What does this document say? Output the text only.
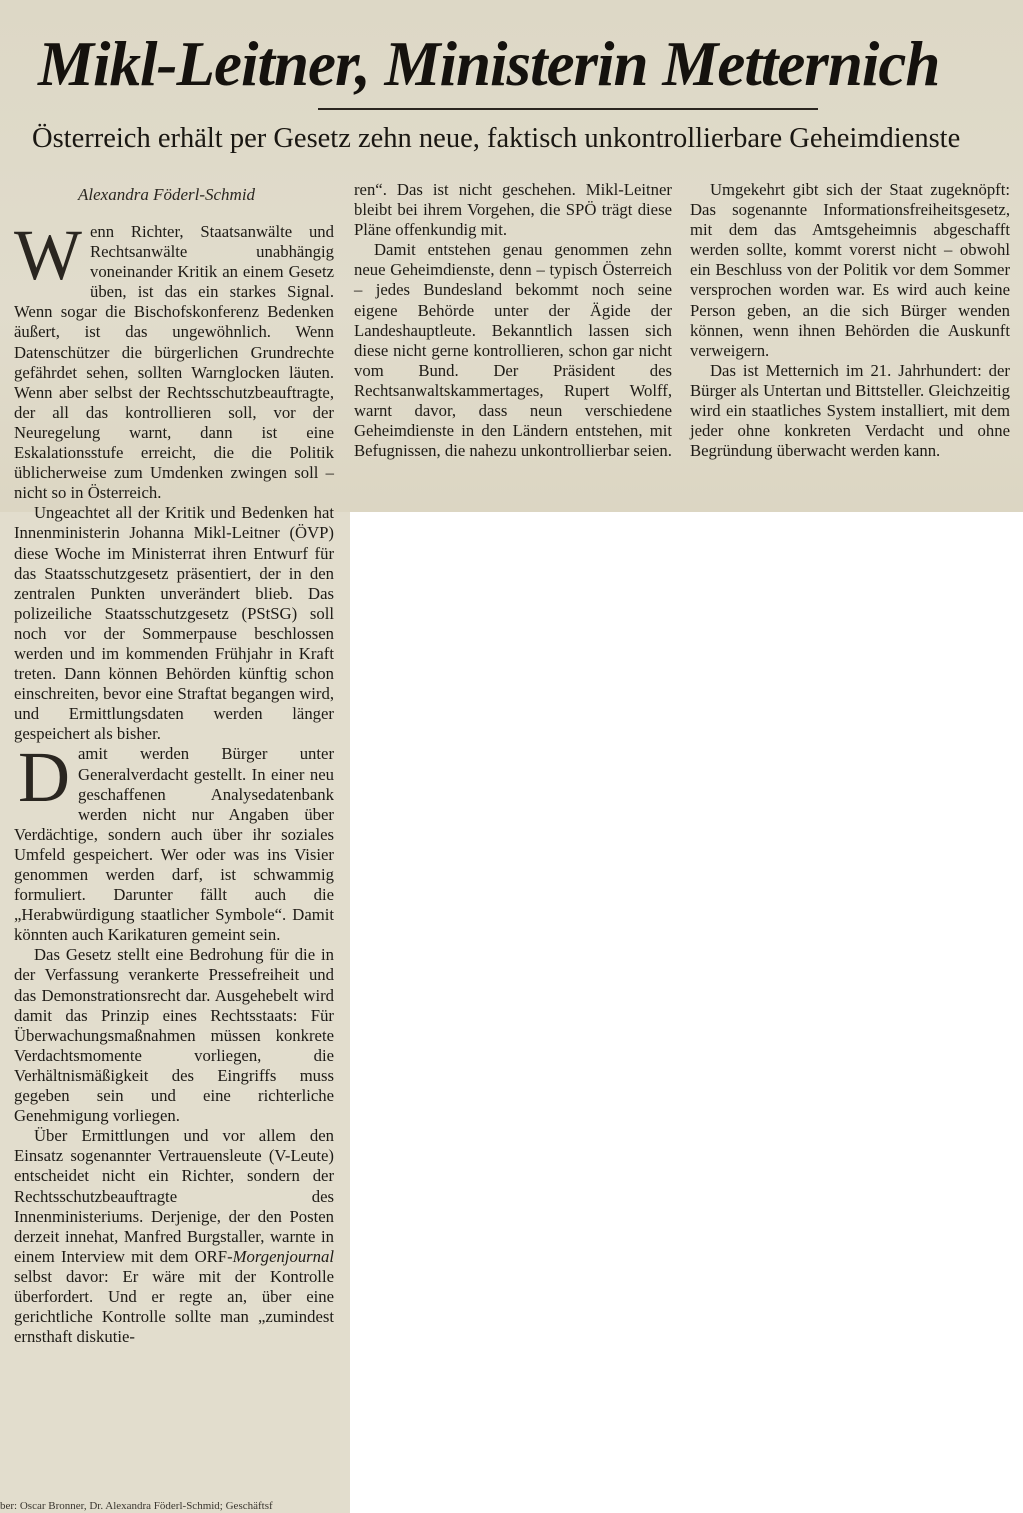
Mikl-Leitner, Ministerin Metternich
Österreich erhält per Gesetz zehn neue, faktisch unkontrollierbare Geheimdienste
Alexandra Föderl-Schmid

Wenn Richter, Staatsanwälte und Rechtsanwälte unabhängig voneinander Kritik an einem Gesetz üben, ist das ein starkes Signal. Wenn sogar die Bischofskonferenz Bedenken äußert, ist das ungewöhnlich. Wenn Datenschützer die bürgerlichen Grundrechte gefährdet sehen, sollten Warnglocken läuten. Wenn aber selbst der Rechtsschutzbeauftragte, der all das kontrollieren soll, vor der Neuregelung warnt, dann ist eine Eskalationsstufe erreicht, die die Politik üblicherweise zum Umdenken zwingen soll – nicht so in Österreich.

Ungeachtet all der Kritik und Bedenken hat Innenministerin Johanna Mikl-Leitner (ÖVP) diese Woche im Ministerrat ihren Entwurf für das Staatsschutzgesetz präsentiert, der in den zentralen Punkten unverändert blieb. Das polizeiliche Staatsschutzgesetz (PStSG) soll noch vor der Sommerpause beschlossen werden und im kommenden Frühjahr in Kraft treten. Dann können Behörden künftig schon einschreiten, bevor eine Straftat begangen wird, und Ermittlungsdaten werden länger gespeichert als bisher.

Damit werden Bürger unter Generalverdacht gestellt. In einer neu geschaffenen Analysedatenbank werden nicht nur Angaben über Verdächtige, sondern auch über ihr soziales Umfeld gespeichert. Wer oder was ins Visier genommen werden darf, ist schwammig formuliert. Darunter fällt auch die „Herabwürdigung staatlicher Symbole“. Damit könnten auch Karikaturen gemeint sein.

Das Gesetz stellt eine Bedrohung für die in der Verfassung verankerte Pressefreiheit und das Demonstrationsrecht dar. Ausgehebelt wird damit das Prinzip eines Rechtsstaats: Für Überwachungsmaßnahmen müssen konkrete Verdachtsmomente vorliegen, die Verhältnismäßigkeit des Eingriffs muss gegeben sein und eine richterliche Genehmigung vorliegen.

Über Ermittlungen und vor allem den Einsatz sogenannter Vertrauensleute (V-Leute) entscheidet nicht ein Richter, sondern der Rechtsschutzbeauftragte des Innenministeriums. Derjenige, der den Posten derzeit innehat, Manfred Burgstaller, warnte in einem Interview mit dem ORF-Morgenjournal selbst davor: Er wäre mit der Kontrolle überfordert. Und er regte an, über eine gerichtliche Kontrolle sollte man „zumindest ernsthaft diskutie-

ren“. Das ist nicht geschehen. Mikl-Leitner bleibt bei ihrem Vorgehen, die SPÖ trägt diese Pläne offenkundig mit.

Damit entstehen genau genommen zehn neue Geheimdienste, denn – typisch Österreich – jedes Bundesland bekommt noch seine eigene Behörde unter der Ägide der Landeshauptleute. Bekanntlich lassen sich diese nicht gerne kontrollieren, schon gar nicht vom Bund. Der Präsident des Rechtsanwaltskammertages, Rupert Wolff, warnt davor, dass neun verschiedene Geheimdienste in den Ländern entstehen, mit Befugnissen, die nahezu unkontrollierbar seien.

Umgekehrt gibt sich der Staat zugeknöpft: Das sogenannte Informationsfreiheitsgesetz, mit dem das Amtsgeheimnis abgeschafft werden sollte, kommt vorerst nicht – obwohl ein Beschluss von der Politik vor dem Sommer versprochen worden war. Es wird auch keine Person geben, an die sich Bürger wenden können, wenn ihnen Behörden die Auskunft verweigern.

Das ist Metternich im 21. Jahrhundert: der Bürger als Untertan und Bittsteller. Gleichzeitig wird ein staatliches System installiert, mit dem jeder ohne konkreten Verdacht und ohne Begründung überwacht werden kann.

ber: Oscar Bronner, Dr. Alexandra Föderl-Schmid; Geschäftsf
